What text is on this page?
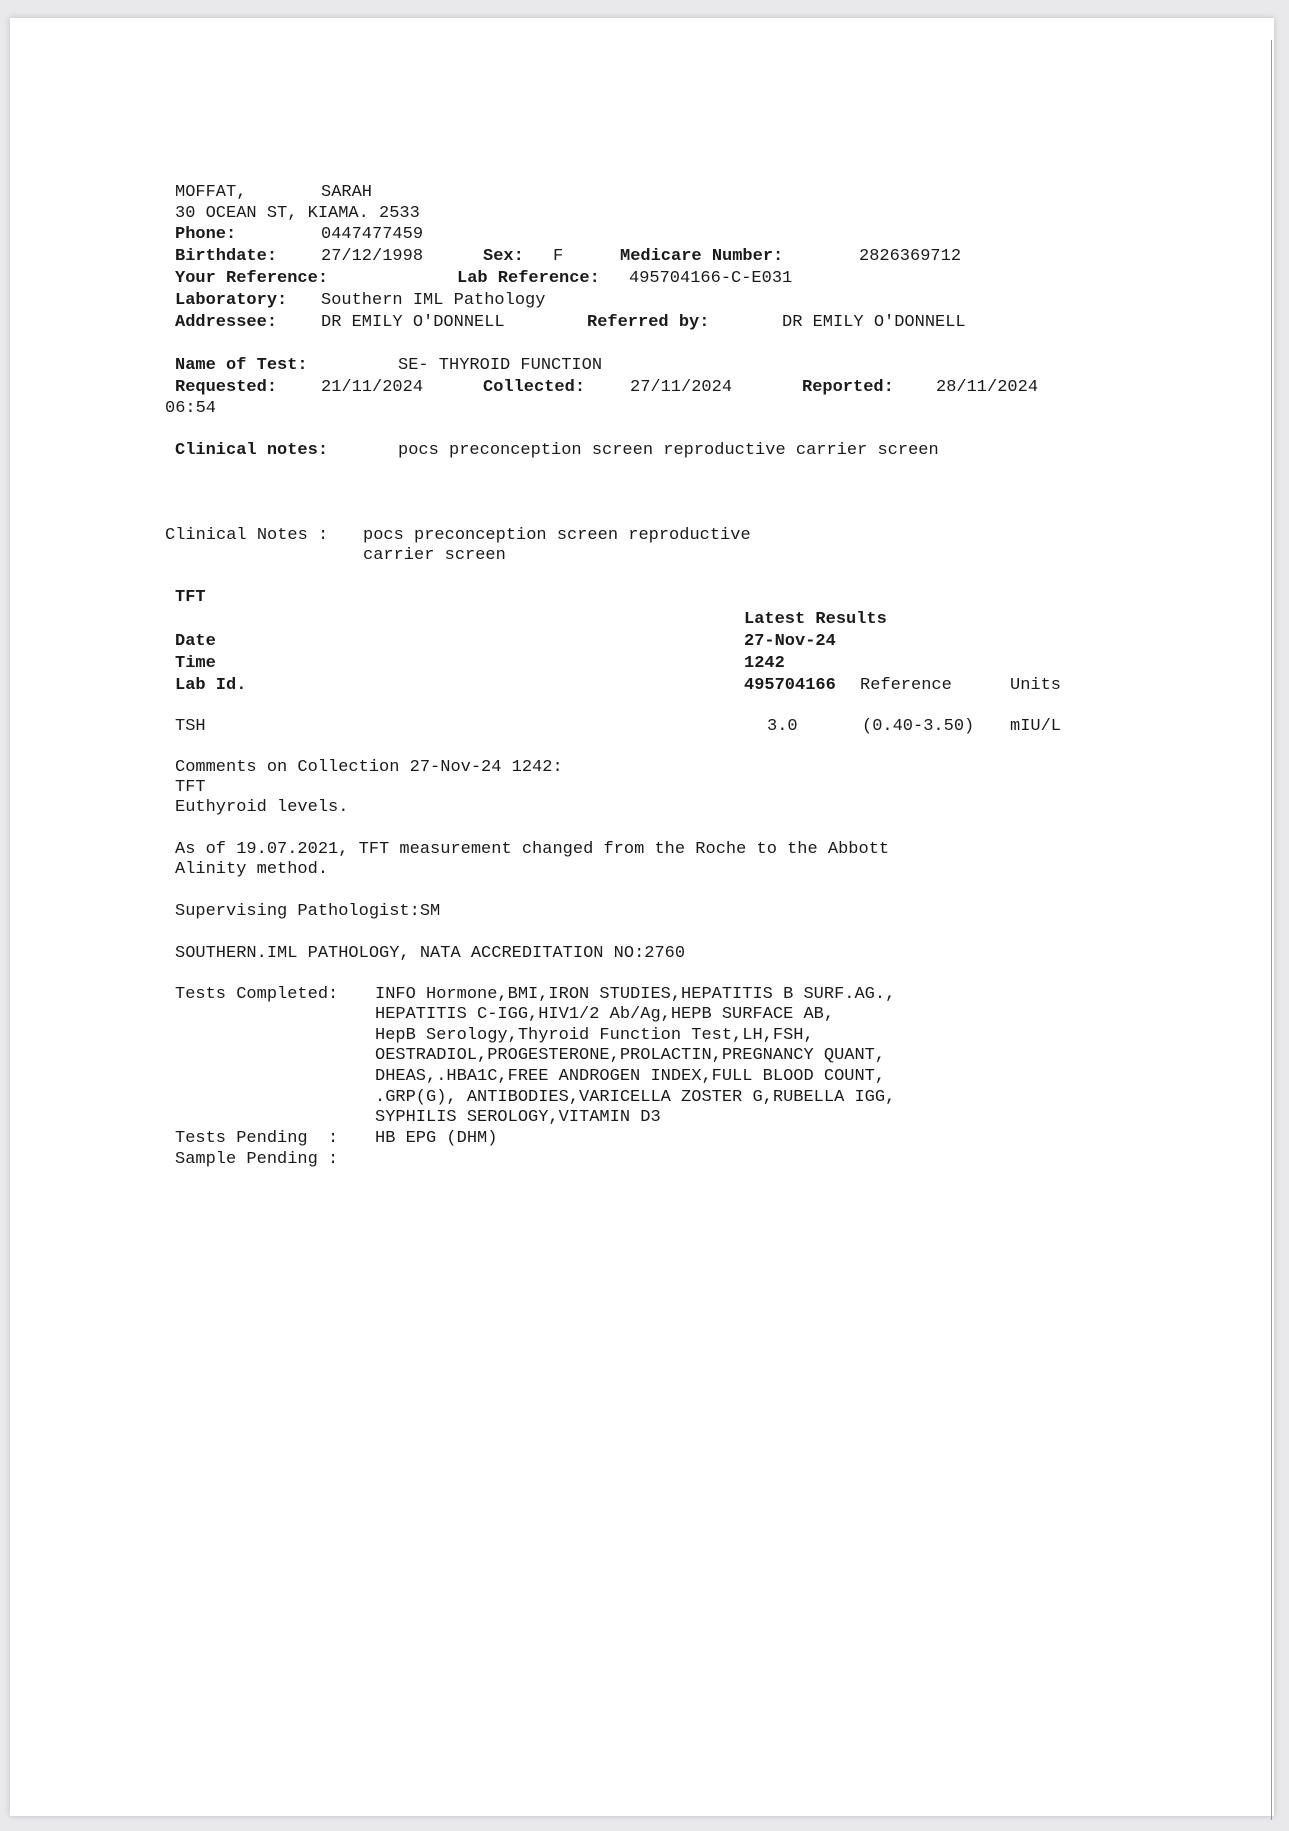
MOFFAT,	SARAH
30 OCEAN ST, KIAMA. 2533
Phone:	0447477459
Birthdate:	27/12/1998	Sex: F	Medicare Number:	2826369712
Your Reference:	Lab Reference: 495704166-C-E031
Laboratory: Southern IML Pathology
Addressee:	DR EMILY O'DONNELL	Referred by:	DR EMILY O'DONNELL
Name of Test:	SE- THYROID FUNCTION
Requested:	21/11/2024	Collected:	27/11/2024	Reported: 28/11/2024
06:54
Clinical notes:	pocs preconception screen reproductive carrier screen
Clinical Notes : pocs preconception screen reproductive
carrier screen
TFT
Latest Results
Date	27-Nov-24
Time	1242
Lab Id.	495704166 Reference	Units
TSH	3.0	(0.40-3.50) mIU/L
Comments on Collection 27-Nov-24 1242:
TFT
Euthyroid levels.
As of 19.07.2021, TFT measurement changed from the Roche to the Abbott
Alinity method.
Supervising Pathologist:SM
SOUTHERN.IML PATHOLOGY, NATA ACCREDITATION NO:2760
Tests Completed: INFO Hormone,BMI,IRON STUDIES,HEPATITIS B SURF.AG.,
HEPATITIS C-IGG,HIV1/2 Ab/Ag,HEPB SURFACE AB,
HepB Serology,Thyroid Function Test,LH,FSH,
OESTRADIOL,PROGESTERONE,PROLACTIN,PREGNANCY QUANT,
DHEAS,.HBA1C,FREE ANDROGEN INDEX,FULL BLOOD COUNT,
.GRP(G), ANTIBODIES,VARICELLA ZOSTER G,RUBELLA IGG,
SYPHILIS SEROLOGY,VITAMIN D3
Tests Pending  : HB EPG (DHM)
Sample Pending :
